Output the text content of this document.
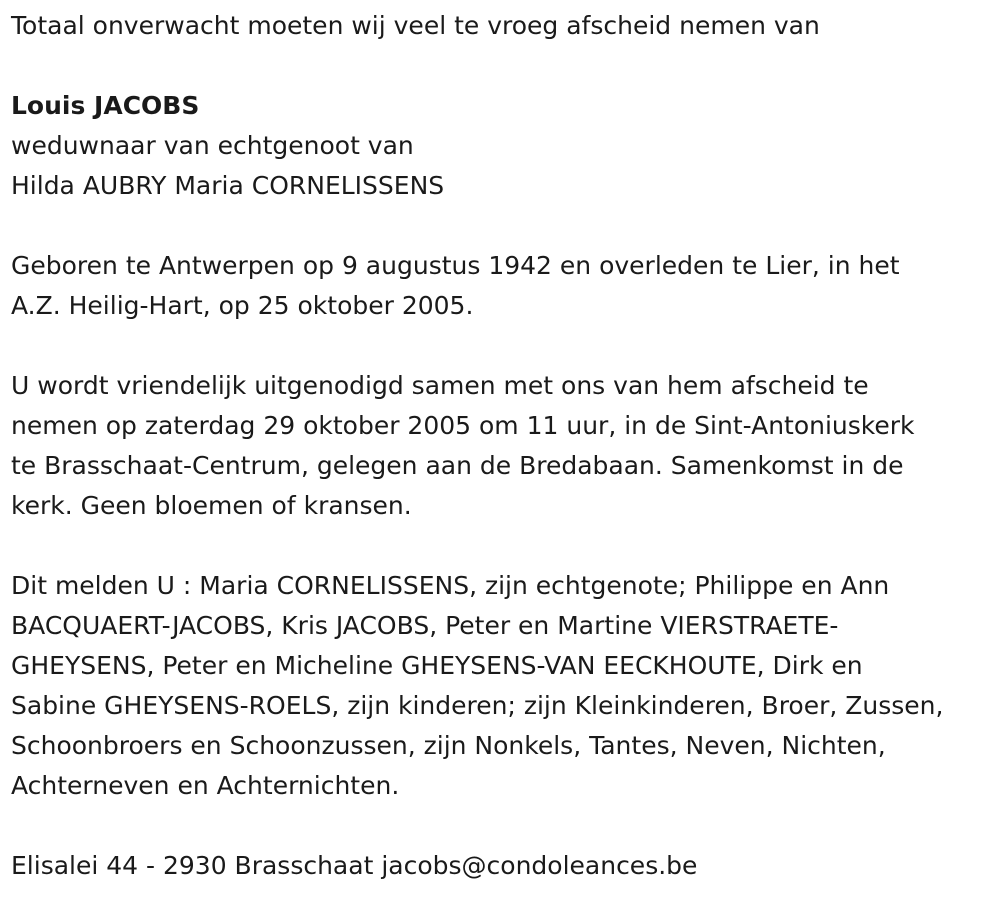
Totaal onverwacht moeten wij veel te vroeg afscheid nemen van
Louis JACOBS
weduwnaar van echtgenoot van
Hilda AUBRY Maria CORNELISSENS
Geboren te Antwerpen op 9 augustus 1942 en overleden te Lier, in het
A.Z. Heilig-Hart, op 25 oktober 2005.
U wordt vriendelijk uitgenodigd samen met ons van hem afscheid te
nemen op zaterdag 29 oktober 2005 om 11 uur, in de Sint-Antoniuskerk
te Brasschaat-Centrum, gelegen aan de Bredabaan. Samenkomst in de
kerk. Geen bloemen of kransen.
Dit melden U : Maria CORNELISSENS, zijn echtgenote; Philippe en Ann
BACQUAERT-JACOBS, Kris JACOBS, Peter en Martine VIERSTRAETE-
GHEYSENS, Peter en Micheline GHEYSENS-VAN EECKHOUTE, Dirk en
Sabine GHEYSENS-ROELS, zijn kinderen; zijn Kleinkinderen, Broer, Zussen,
Schoonbroers en Schoonzussen, zijn Nonkels, Tantes, Neven, Nichten,
Achterneven en Achternichten.
Elisalei 44 - 2930 Brasschaat jacobs@condoleances.be
